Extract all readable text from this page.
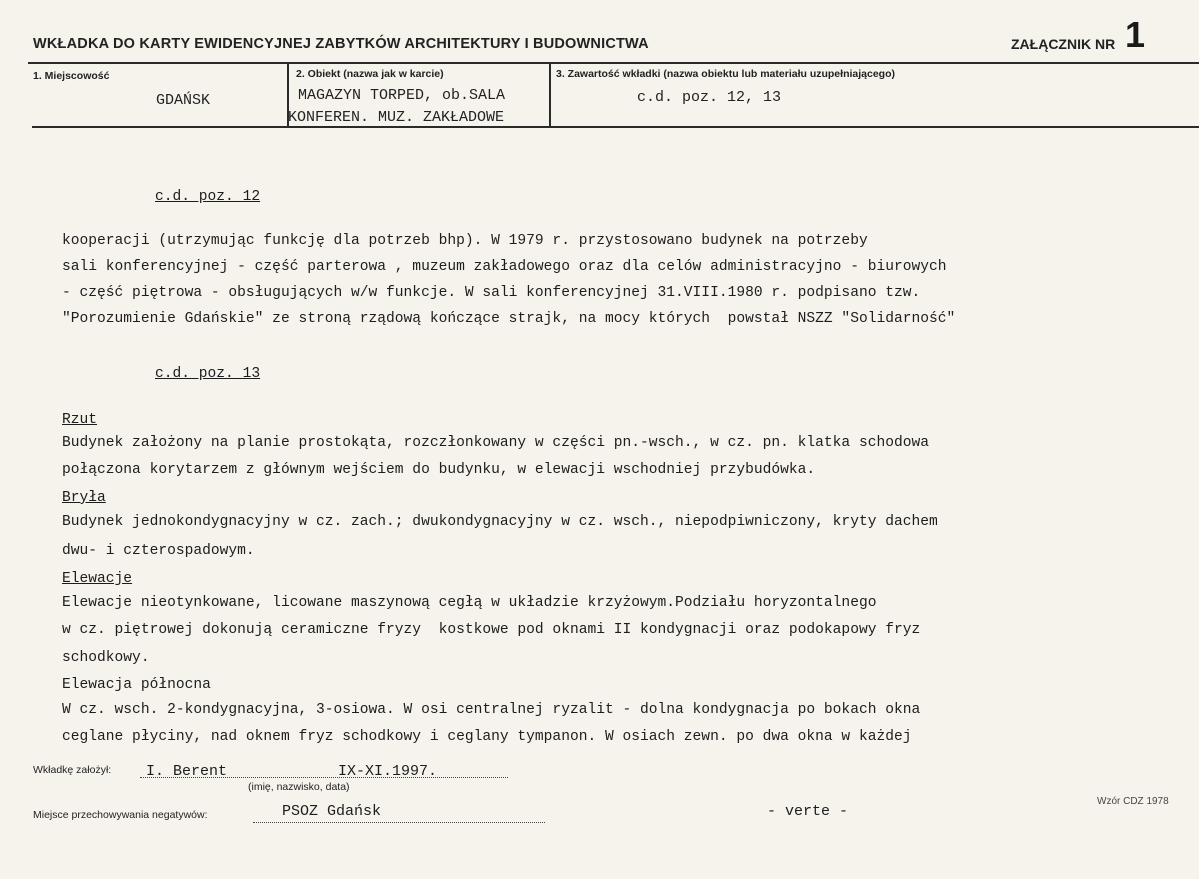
WKŁADKA DO KARTY EWIDENCYJNEJ ZABYTKÓW ARCHITEKTURY I BUDOWNICTWA	ZAŁĄCZNIK NR 1
1. Miejscowość
GDAŃSK
2. Obiekt (nazwa jak w karcie)
MAGAZYN TORPED, ob.SALA
KONFEREN. MUZ. ZAKŁADOWE
3. Zawartość wkładki (nazwa obiektu lub materiału uzupełniającego)
c.d. poz. 12, 13
c.d. poz. 12
kooperacji (utrzymując funkcję dla potrzeb bhp). W 1979 r. przystosowano budynek na potrzeby
sali konferencyjnej - część parterowa , muzeum zakładowego oraz dla celów administracyjno - biurowych
- część piętrowa - obsługujących w/w funkcje. W sali konferencyjnej 31.VIII.1980 r. podpisano tzw.
"Porozumienie Gdańskie" ze stroną rządową kończące strajk, na mocy których  powstał NSZZ "Solidarność"
c.d. poz. 13
Rzut
Budynek założony na planie prostokąta, rozczłonkowany w części pn.-wsch., w cz. pn. klatka schodowa
połączona korytarzem z głównym wejściem do budynku, w elewacji wschodniej przybudówka.
Bryła
Budynek jednokondygnacyjny w cz. zach.; dwukondygnacyjny w cz. wsch., niepodpiwniczony, kryty dachem
dwu- i czterospadowym.
Elewacje
Elewacje nieotynkowane, licowane maszynową cegłą w układzie krzyżowym.Podziału horyzontalnego
w cz. piętrowej dokonują ceramiczne fryzy  kostkowe pod oknami II kondygnacji oraz podokapowy fryz
schodkowy.
Elewacja północna
W cz. wsch. 2-kondygnacyjna, 3-osiowa. W osi centralnej ryzalit - dolna kondygnacja po bokach okna
ceglane płyciny, nad oknem fryz schodkowy i ceglany tympanon. W osiach zewn. po dwa okna w każdej
Wkładkę założył: I. Berent	IX-XI.1997.
(imię, nazwisko, data)
Miejsce przechowywania negatywów:	PSOZ Gdańsk	- verte -
Wzór CDZ 1978
